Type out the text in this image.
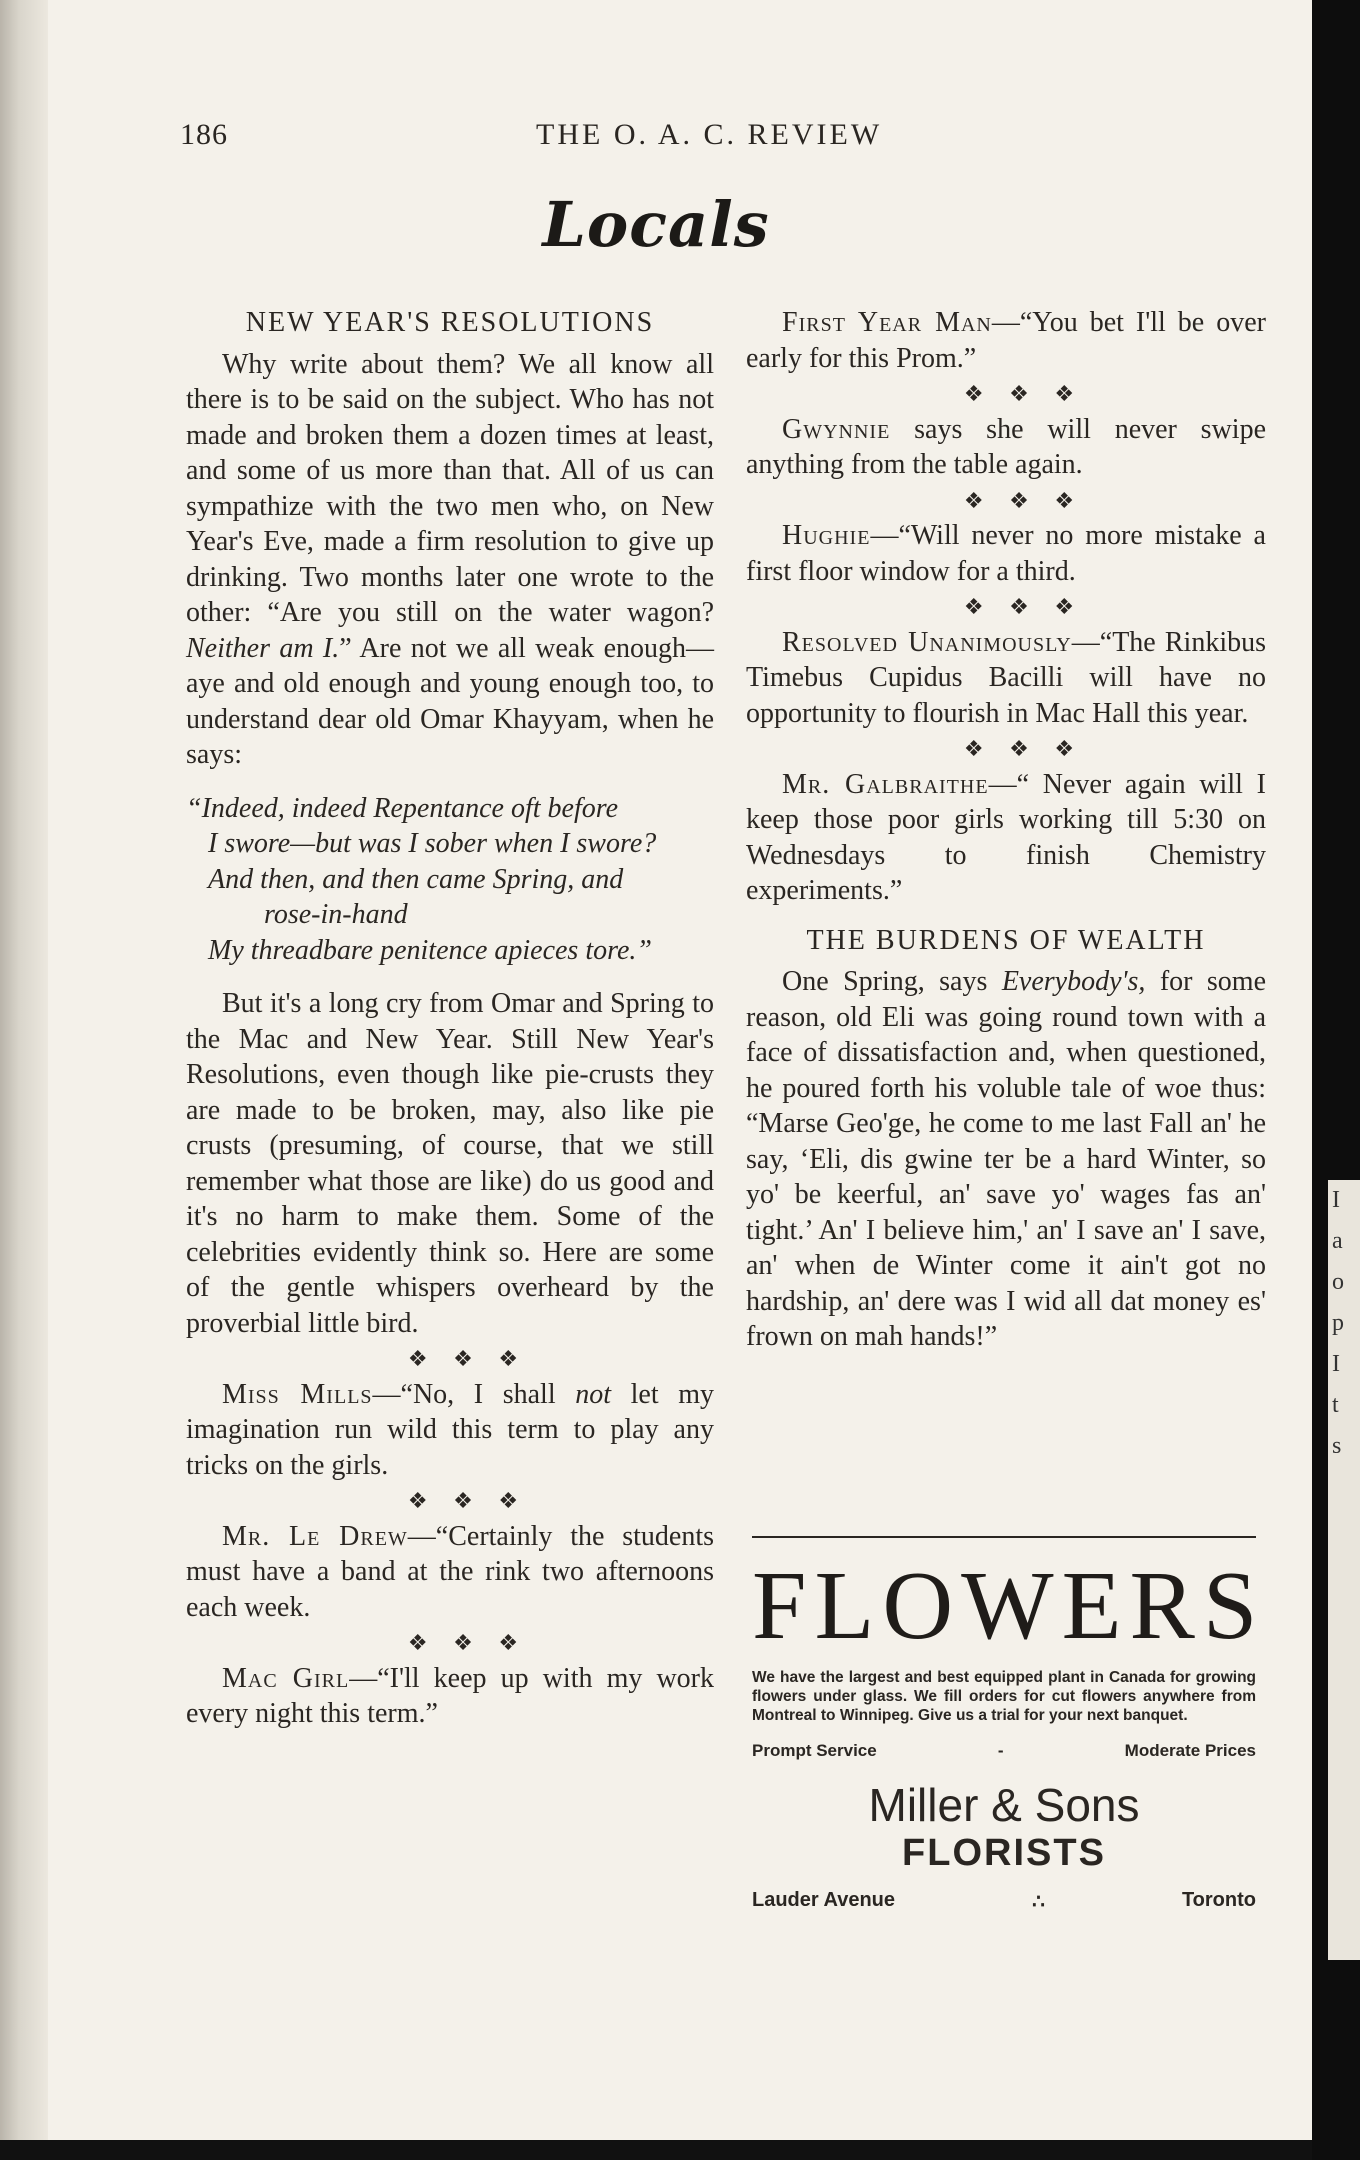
186	THE O. A. C. REVIEW
Locals

NEW YEAR'S RESOLUTIONS

Why write about them? We all know all there is to be said on the subject. Who has not made and broken them a dozen times at least, and some of us more than that. All of us can sympathize with the two men who, on New Year's Eve, made a firm resolution to give up drinking. Two months later one wrote to the other: “Are you still on the water wagon? Neither am I.” Are not we all weak enough—aye and old enough and young enough too, to understand dear old Omar Khayyam, when he says:

“Indeed, indeed Repentance oft before
I swore—but was I sober when I swore?
And then, and then came Spring, and
rose-in-hand
My threadbare penitence apieces tore.”

But it's a long cry from Omar and Spring to the Mac and New Year. Still New Year's Resolutions, even though like pie-crusts they are made to be broken, may, also like pie crusts (presuming, of course, that we still remember what those are like) do us good and it's no harm to make them. Some of the celebrities evidently think so. Here are some of the gentle whispers overheard by the proverbial little bird.

❖ ❖ ❖

Miss Mills—“No, I shall not let my imagination run wild this term to play any tricks on the girls.

❖ ❖ ❖

Mr. Le Drew—“Certainly the students must have a band at the rink two afternoons each week.

❖ ❖ ❖

Mac Girl—“I'll keep up with my work every night this term.”

First Year Man—“You bet I'll be over early for this Prom.”

❖ ❖ ❖

Gwynnie says she will never swipe anything from the table again.

❖ ❖ ❖

Hughie—“Will never no more mistake a first floor window for a third.

❖ ❖ ❖

Resolved Unanimously—“The Rinkibus Timebus Cupidus Bacilli will have no opportunity to flourish in Mac Hall this year.

❖ ❖ ❖

Mr. Galbraithe—“ Never again will I keep those poor girls working till 5:30 on Wednesdays to finish Chemistry experiments.”

THE BURDENS OF WEALTH

One Spring, says Everybody's, for some reason, old Eli was going round town with a face of dissatisfaction and, when questioned, he poured forth his voluble tale of woe thus: “Marse Geo'ge, he come to me last Fall an' he say, ‘Eli, dis gwine ter be a hard Winter, so yo' be keerful, an' save yo' wages fas an' tight.’ An' I believe him,' an' I save an' I save, an' when de Winter come it ain't got no hardship, an' dere was I wid all dat money es' frown on mah hands!”

FLOWERS
We have the largest and best equipped plant in Canada for growing flowers under glass. We fill orders for cut flowers anywhere from Montreal to Winnipeg. Give us a trial for your next banquet.
Prompt Service	-	Moderate Prices
Miller & Sons
FLORISTS
Lauder Avenue	∴	Toronto
I
a
o
p
I
t
s
